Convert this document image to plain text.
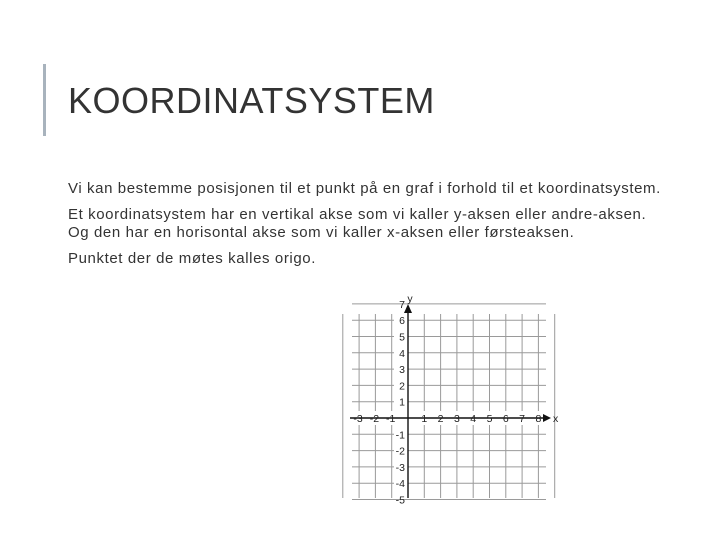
KOORDINATSYSTEM

Vi kan bestemme posisjonen til et punkt på en graf i forhold til et koordinatsystem.

Et koordinatsystem har en vertikal akse som vi kaller y-aksen eller andre-aksen. Og den har en horisontal akse som vi kaller x-aksen eller førsteaksen.

Punktet der de møtes kalles origo.

x
y
-3 -2 -1 1 2 3 4 5 6 7 8
7
6
5
4
3
2
1
-1
-2
-3
-4
-5
